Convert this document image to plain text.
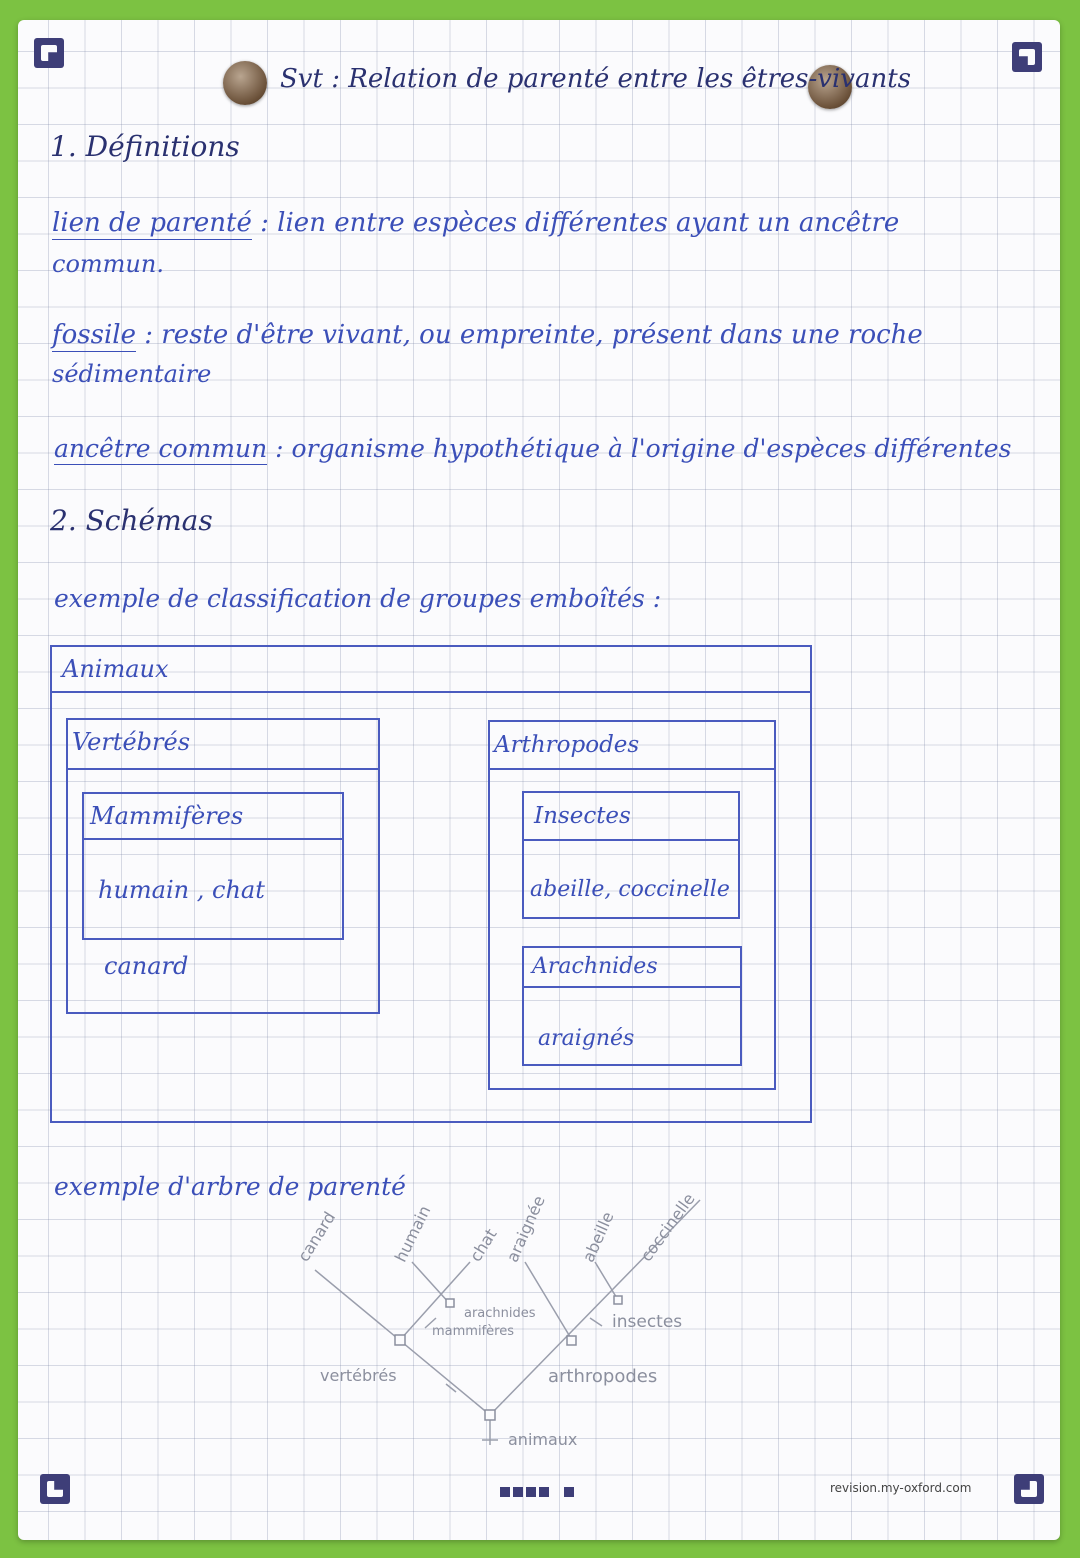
Svt : Relation de parenté entre les êtres-vivants
1. Définitions
lien de parenté : lien entre espèces différentes ayant un ancêtre
commun.
fossile : reste d'être vivant, ou empreinte, présent dans une roche
sédimentaire
ancêtre commun : organisme hypothétique à l'origine d'espèces différentes
2. Schémas
exemple de classification de groupes emboîtés :
Animaux
Vertébrés
canard
Mammifères
humain , chat
Arthropodes
Insectes
abeille, coccinelle
Arachnides
araignés
exemple d'arbre de parenté
canard	humain chat araignée abeille coccinelle
mammifères
arachnides	insectes
vertébrés	arthropodes
animaux
revision.my-oxford.com
